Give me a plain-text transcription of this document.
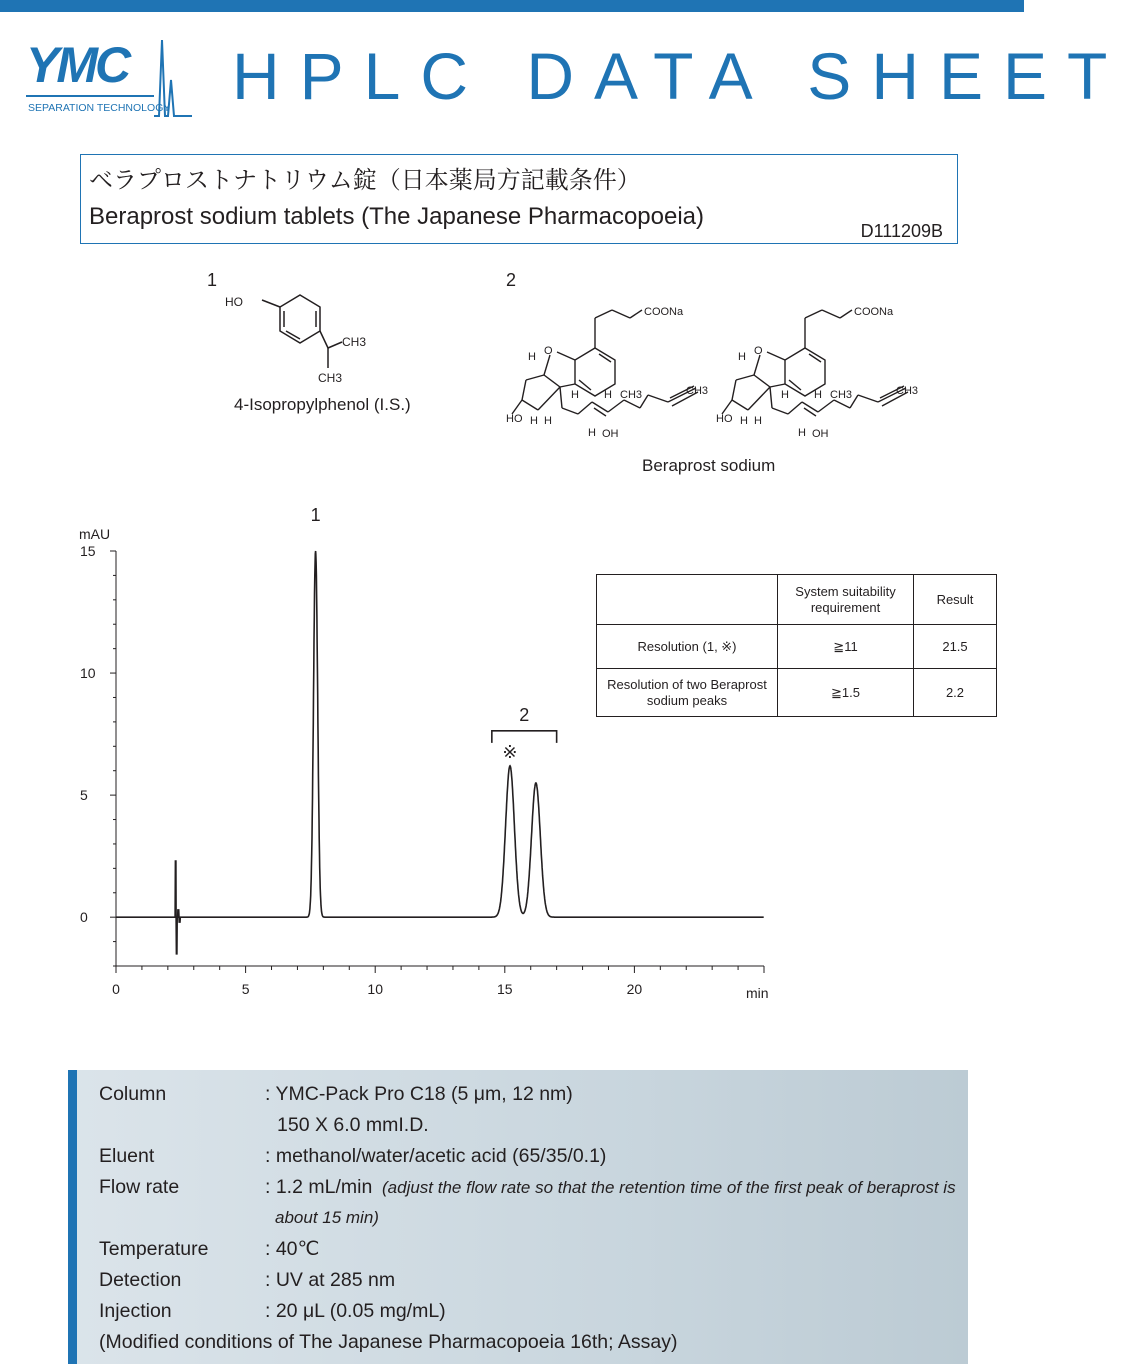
YMC
SEPARATION TECHNOLOGY HPLC DATA SHEET
ベラプロストナトリウム錠（日本薬局方記載条件）
Beraprost sodium tablets (The Japanese Pharmacopoeia)
D111209B
1
HO
CH3
CH3
4-Isopropylphenol (I.S.)
2
COONa
O
H
H H CH3	CH3
HO H H
H OH
COONa
O
H
H H CH3	CH3
HO H H
H OH
Beraprost sodium
0	5	10	15	20
0
5
10
15
mAU
min
1
※
2
	System suitability requirement	Result
Resolution (1, ※)	≧11	21.5
Resolution of two Beraprost sodium peaks	≧1.5	2.2
Column	: YMC-Pack Pro C18 (5 μm, 12 nm)
150 X 6.0 mmI.D.
Eluent	: methanol/water/acetic acid (65/35/0.1)
Flow rate	: 1.2 mL/min (adjust the flow rate so that the retention time of the first peak of beraprost is
about 15 min)
Temperature	: 40℃
Detection	: UV at 285 nm
Injection	: 20 μL (0.05 mg/mL)
(Modified conditions of The Japanese Pharmacopoeia 16th; Assay)
